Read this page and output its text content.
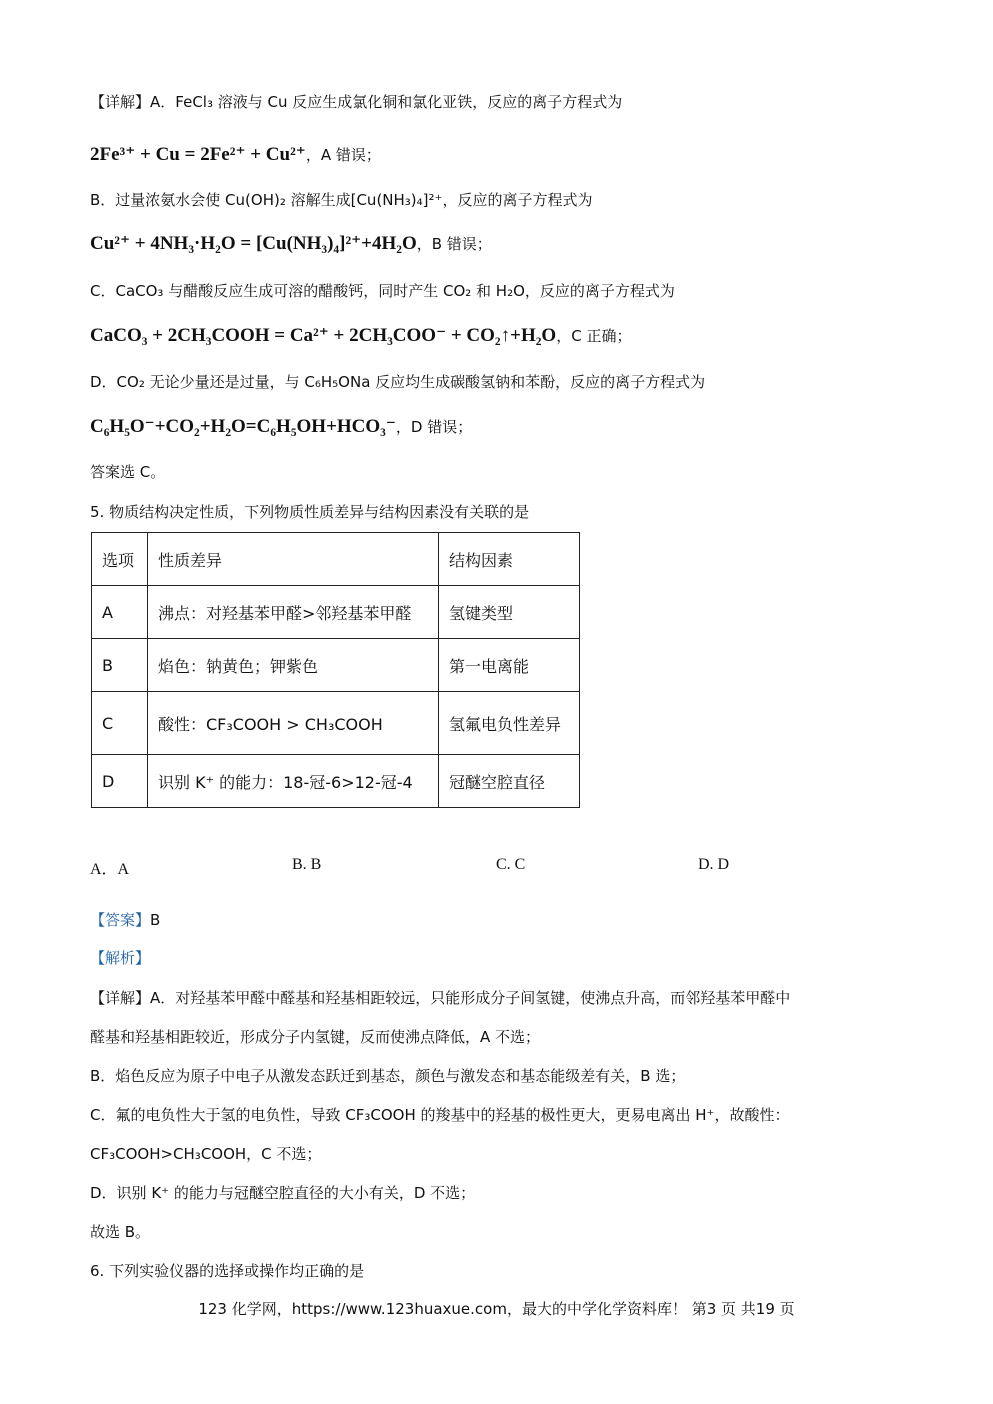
【详解】A．FeCl₃ 溶液与 Cu 反应生成氯化铜和氯化亚铁，反应的离子方程式为
2Fe³⁺ + Cu = 2Fe²⁺ + Cu²⁺，A 错误；
B．过量浓氨水会使 Cu(OH)₂ 溶解生成[Cu(NH₃)₄]²⁺，反应的离子方程式为
Cu²⁺ + 4NH₃·H₂O = [Cu(NH₃)₄]²⁺+4H₂O，B 错误；
C．CaCO₃ 与醋酸反应生成可溶的醋酸钙，同时产生 CO₂ 和 H₂O，反应的离子方程式为
CaCO₃ + 2CH₃COOH = Ca²⁺ + 2CH₃COO⁻ + CO₂↑+H₂O，C 正确；
D．CO₂ 无论少量还是过量，与 C₆H₅ONa 反应均生成碳酸氢钠和苯酚，反应的离子方程式为
C₆H₅O⁻+CO₂+H₂O=C₆H₅OH+HCO₃⁻，D 错误；
答案选 C。
5. 物质结构决定性质，下列物质性质差异与结构因素没有关联的是
选项	性质差异	结构因素
A	沸点：对羟基苯甲醛>邻羟基苯甲醛	氢键类型
B	焰色：钠黄色；钾紫色	第一电离能
C	酸性：CF₃COOH > CH₃COOH	氢氟电负性差异
D	识别 K⁺ 的能力：18-冠-6>12-冠-4	冠醚空腔直径
A．A	B. B	C. C	D. D
【答案】B
【解析】
【详解】A．对羟基苯甲醛中醛基和羟基相距较远，只能形成分子间氢键，使沸点升高，而邻羟基苯甲醛中
醛基和羟基相距较近，形成分子内氢键，反而使沸点降低，A 不选；
B．焰色反应为原子中电子从激发态跃迁到基态，颜色与激发态和基态能级差有关，B 选；
C．氟的电负性大于氢的电负性，导致 CF₃COOH 的羧基中的羟基的极性更大，更易电离出 H⁺，故酸性：
CF₃COOH>CH₃COOH，C 不选；
D．识别 K⁺ 的能力与冠醚空腔直径的大小有关，D 不选；
故选 B。
6. 下列实验仪器的选择或操作均正确的是
123 化学网，https://www.123huaxue.com，最大的中学化学资料库！ 第3 页 共19 页
